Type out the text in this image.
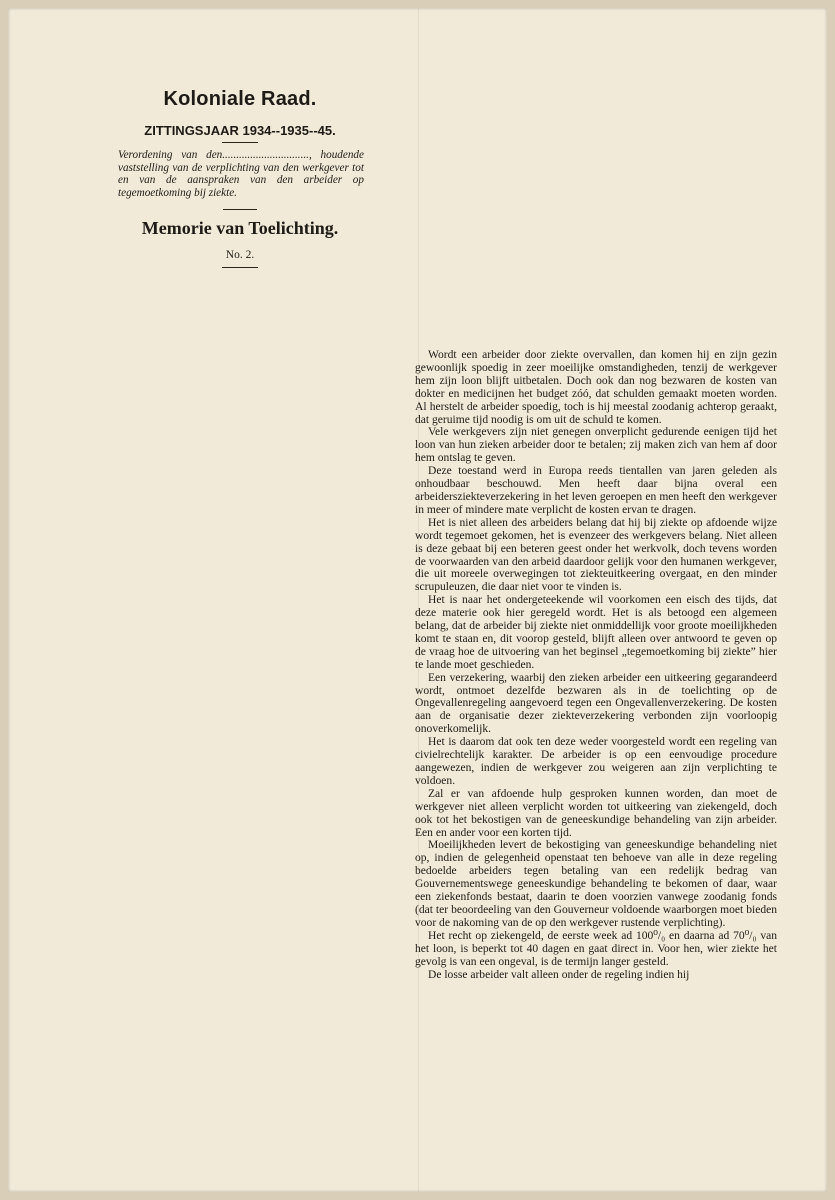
Koloniale Raad.
ZITTINGSJAAR 1934--1935--45.
Verordening van den..............................., houdende vaststelling van de verplichting van den werkgever tot en van de aanspraken van den arbeider op tegemoetkoming bij ziekte.
Memorie van Toelichting.
No. 2.

Wordt een arbeider door ziekte overvallen, dan komen hij en zijn gezin gewoonlijk spoedig in zeer moeilijke omstandigheden, tenzij de werkgever hem zijn loon blijft uitbetalen. Doch ook dan nog bezwaren de kosten van dokter en medicijnen het budget zóó, dat schulden gemaakt moeten worden. Al herstelt de arbeider spoedig, toch is hij meestal zoodanig achterop geraakt, dat geruime tijd noodig is om uit de schuld te komen.

Vele werkgevers zijn niet genegen onverplicht gedurende eenigen tijd het loon van hun zieken arbeider door te betalen; zij maken zich van hem af door hem ontslag te geven.

Deze toestand werd in Europa reeds tientallen van jaren geleden als onhoudbaar beschouwd. Men heeft daar bijna overal een arbeidersziekteverzekering in het leven geroepen en men heeft den werkgever in meer of mindere mate verplicht de kosten ervan te dragen.

Het is niet alleen des arbeiders belang dat hij bij ziekte op afdoende wijze wordt tegemoet gekomen, het is evenzeer des werkgevers belang. Niet alleen is deze gebaat bij een beteren geest onder het werkvolk, doch tevens worden de voorwaarden van den arbeid daardoor gelijk voor den humanen werkgever, die uit moreele overwegingen tot ziekteuitkeering overgaat, en den minder scrupuleuzen, die daar niet voor te vinden is.

Het is naar het ondergeteekende wil voorkomen een eisch des tijds, dat deze materie ook hier geregeld wordt. Het is als betoogd een algemeen belang, dat de arbeider bij ziekte niet onmiddellijk voor groote moeilijkheden komt te staan en, dit voorop gesteld, blijft alleen over antwoord te geven op de vraag hoe de uitvoering van het beginsel „tegemoetkoming bij ziekte” hier te lande moet geschieden.

Een verzekering, waarbij den zieken arbeider een uitkeering gegarandeerd wordt, ontmoet dezelfde bezwaren als in de toelichting op de Ongevallenregeling aangevoerd tegen een Ongevallenverzekering. De kosten aan de organisatie dezer ziekteverzekering verbonden zijn voorloopig onoverkomelijk.

Het is daarom dat ook ten deze weder voorgesteld wordt een regeling van civielrechtelijk karakter. De arbeider is op een eenvoudige procedure aangewezen, indien de werkgever zou weigeren aan zijn verplichting te voldoen.

Zal er van afdoende hulp gesproken kunnen worden, dan moet de werkgever niet alleen verplicht worden tot uitkeering van ziekengeld, doch ook tot het bekostigen van de geneeskundige behandeling van zijn arbeider. Een en ander voor een korten tijd.

Moeilijkheden levert de bekostiging van geneeskundige behandeling niet op, indien de gelegenheid openstaat ten behoeve van alle in deze regeling bedoelde arbeiders tegen betaling van een redelijk bedrag van Gouvernementswege geneeskundige behandeling te bekomen of daar, waar een ziekenfonds bestaat, daarin te doen voorzien vanwege zoodanig fonds (dat ter beoordeeling van den Gouverneur voldoende waarborgen moet bieden voor de nakoming van de op den werkgever rustende verplichting).

Het recht op ziekengeld, de eerste week ad 100⁰/₀ en daarna ad 70⁰/₀ van het loon, is beperkt tot 40 dagen en gaat direct in. Voor hen, wier ziekte het gevolg is van een ongeval, is de termijn langer gesteld.

De losse arbeider valt alleen onder de regeling indien hij
